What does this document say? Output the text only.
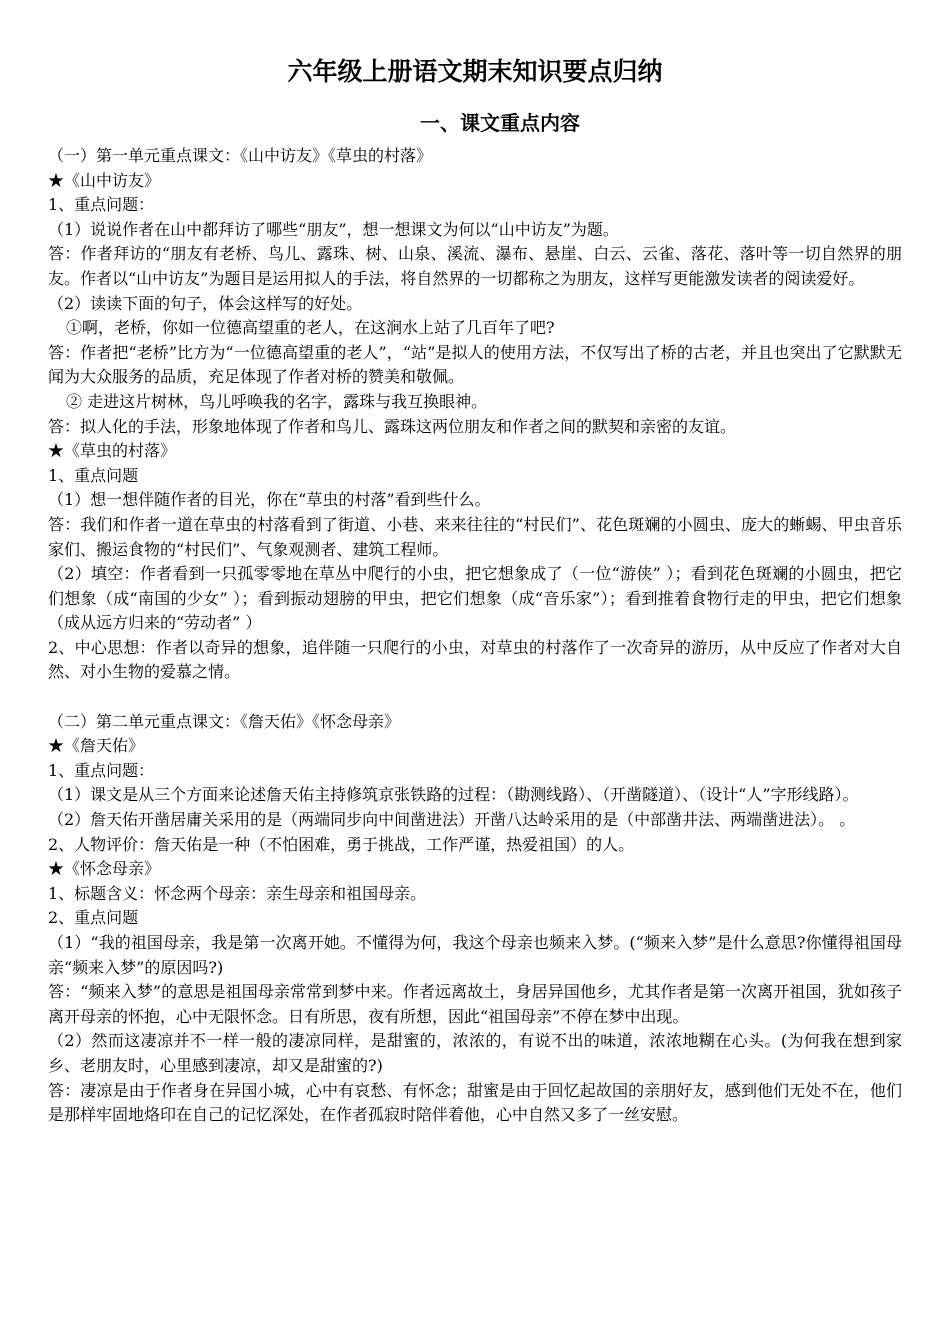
六年级上册语文期末知识要点归纳
一、课文重点内容
（一）第一单元重点课文：《山中访友》《草虫的村落》
★《山中访友》
1、重点问题：
（1）说说作者在山中都拜访了哪些“朋友”，想一想课文为何以“山中访友”为题。
答：作者拜访的“朋友有老桥、鸟儿、露珠、树、山泉、溪流、瀑布、悬崖、白云、云雀、落花、落叶等一切自然界的朋友。作者以“山中访友”为题目是运用拟人的手法，将自然界的一切都称之为朋友，这样写更能激发读者的阅读爱好。
（2）读读下面的句子，体会这样写的好处。
①啊，老桥，你如一位德高望重的老人，在这涧水上站了几百年了吧?
答：作者把“老桥”比方为“一位德高望重的老人”，“站”是拟人的使用方法，不仅写出了桥的古老，并且也突出了它默默无闻为大众服务的品质，充足体现了作者对桥的赞美和敬佩。
② 走进这片树林，鸟儿呼唤我的名字，露珠与我互换眼神。
答：拟人化的手法，形象地体现了作者和鸟儿、露珠这两位朋友和作者之间的默契和亲密的友谊。
★《草虫的村落》
1、重点问题
（1）想一想伴随作者的目光，你在“草虫的村落”看到些什么。
答：我们和作者一道在草虫的村落看到了街道、小巷、来来往往的“村民们”、花色斑斓的小圆虫、庞大的蜥蜴、甲虫音乐家们、搬运食物的“村民们”、气象观测者、建筑工程师。
（2）填空：作者看到一只孤零零地在草丛中爬行的小虫，把它想象成了（一位“游侠” ）；看到花色斑斓的小圆虫，把它们想象（成“南国的少女” ）；看到振动翅膀的甲虫，把它们想象（成“音乐家”）；看到推着食物行走的甲虫，把它们想象（成从远方归来的“劳动者” ）
2、中心思想：作者以奇异的想象，追伴随一只爬行的小虫，对草虫的村落作了一次奇异的游历，从中反应了作者对大自然、对小生物的爱慕之情。
（二）第二单元重点课文：《詹天佑》《怀念母亲》
★《詹天佑》
1、重点问题：
（1）课文是从三个方面来论述詹天佑主持修筑京张铁路的过程：（勘测线路）、（开凿隧道）、（设计“人”字形线路）。
（2）詹天佑开凿居庸关采用的是（两端同步向中间凿进法）开凿八达岭采用的是（中部凿井法、两端凿进法）。 。
2、人物评价：詹天佑是一种（不怕困难，勇于挑战，工作严谨，热爱祖国）的人。
★《怀念母亲》
1、标题含义：怀念两个母亲：亲生母亲和祖国母亲。
2、重点问题
（1）“我的祖国母亲，我是第一次离开她。不懂得为何，我这个母亲也频来入梦。(“频来入梦”是什么意思?你懂得祖国母亲“频来入梦”的原因吗?)
答：“频来入梦”的意思是祖国母亲常常到梦中来。作者远离故土，身居异国他乡，尤其作者是第一次离开祖国，犹如孩子离开母亲的怀抱，心中无限怀念。日有所思，夜有所想，因此“祖国母亲”不停在梦中出现。
（2）然而这凄凉并不一样一般的凄凉同样，是甜蜜的，浓浓的，有说不出的味道，浓浓地糊在心头。(为何我在想到家乡、老朋友时，心里感到凄凉，却又是甜蜜的?)
答：凄凉是由于作者身在异国小城，心中有哀愁、有怀念；甜蜜是由于回忆起故国的亲朋好友，感到他们无处不在，他们是那样牢固地烙印在自己的记忆深处，在作者孤寂时陪伴着他，心中自然又多了一丝安慰。
